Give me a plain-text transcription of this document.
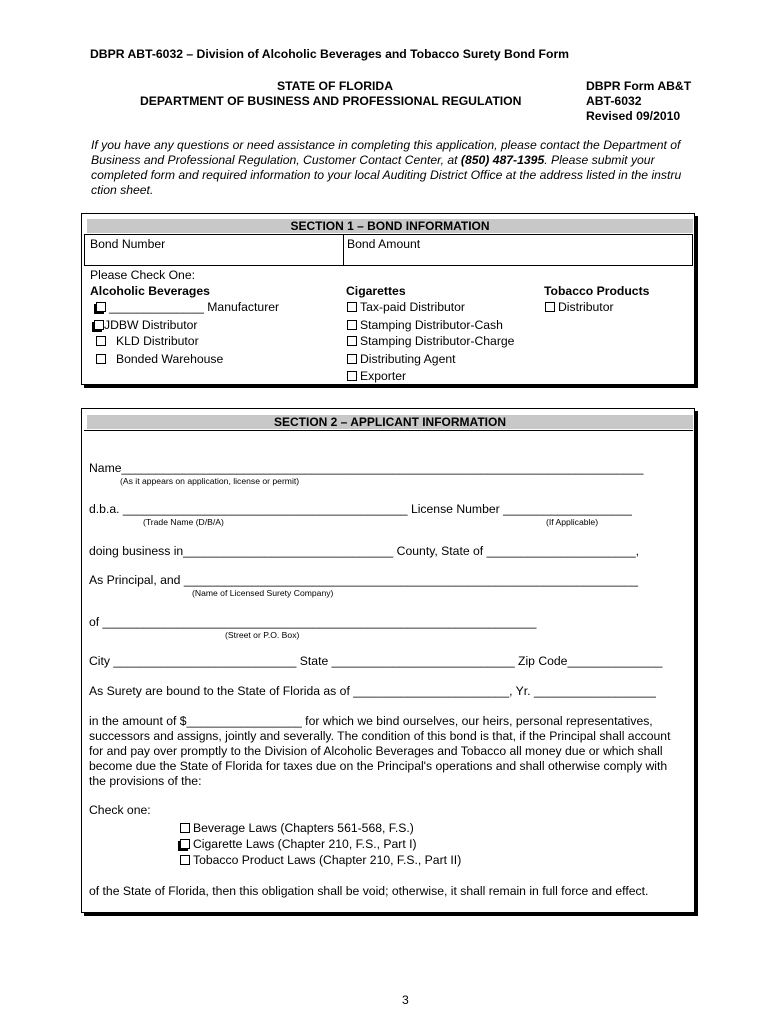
DBPR ABT-6032 – Division of Alcoholic Beverages and Tobacco Surety Bond Form
STATE OF FLORIDA
DEPARTMENT OF BUSINESS AND PROFESSIONAL REGULATION
DBPR Form AB&T
ABT-6032
Revised 09/2010
If you have any questions or need assistance in completing this application, please contact the Department of
Business and Professional Regulation, Customer Contact Center, at (850) 487-1395. Please submit your
completed form and required information to your local Auditing District Office at the address listed in the instru
ction sheet.
SECTION 1 – BOND INFORMATION
Bond Number	Bond Amount
Please Check One:
Alcoholic Beverages
______________ Manufacturer
JDBW Distributor
KLD Distributor
Bonded Warehouse
Cigarettes
Tax-paid Distributor
Stamping Distributor-Cash
Stamping Distributor-Charge
Distributing Agent
Exporter
Tobacco Products
Distributor
SECTION 2 – APPLICANT INFORMATION
Name_____________________________________________________________________________
(As it appears on application, license or permit)
d.b.a. __________________________________________ License Number ___________________
(Trade Name (D/B/A)	(If Applicable)
doing business in_______________________________ County, State of ______________________,
As Principal, and ___________________________________________________________________
(Name of Licensed Surety Company)
of ________________________________________________________________
(Street or P.O. Box)
City ___________________________ State ___________________________ Zip Code______________
As Surety are bound to the State of Florida as of _______________________, Yr. __________________
in the amount of $_________________ for which we bind ourselves, our heirs, personal representatives,
successors and assigns, jointly and severally. The condition of this bond is that, if the Principal shall account
for and pay over promptly to the Division of Alcoholic Beverages and Tobacco all money due or which shall
become due the State of Florida for taxes due on the Principal's operations and shall otherwise comply with
the provisions of the:
Check one:
Beverage Laws (Chapters 561-568, F.S.)
Cigarette Laws (Chapter 210, F.S., Part I)
Tobacco Product Laws (Chapter 210, F.S., Part II)
of the State of Florida, then this obligation shall be void; otherwise, it shall remain in full force and effect.
3
